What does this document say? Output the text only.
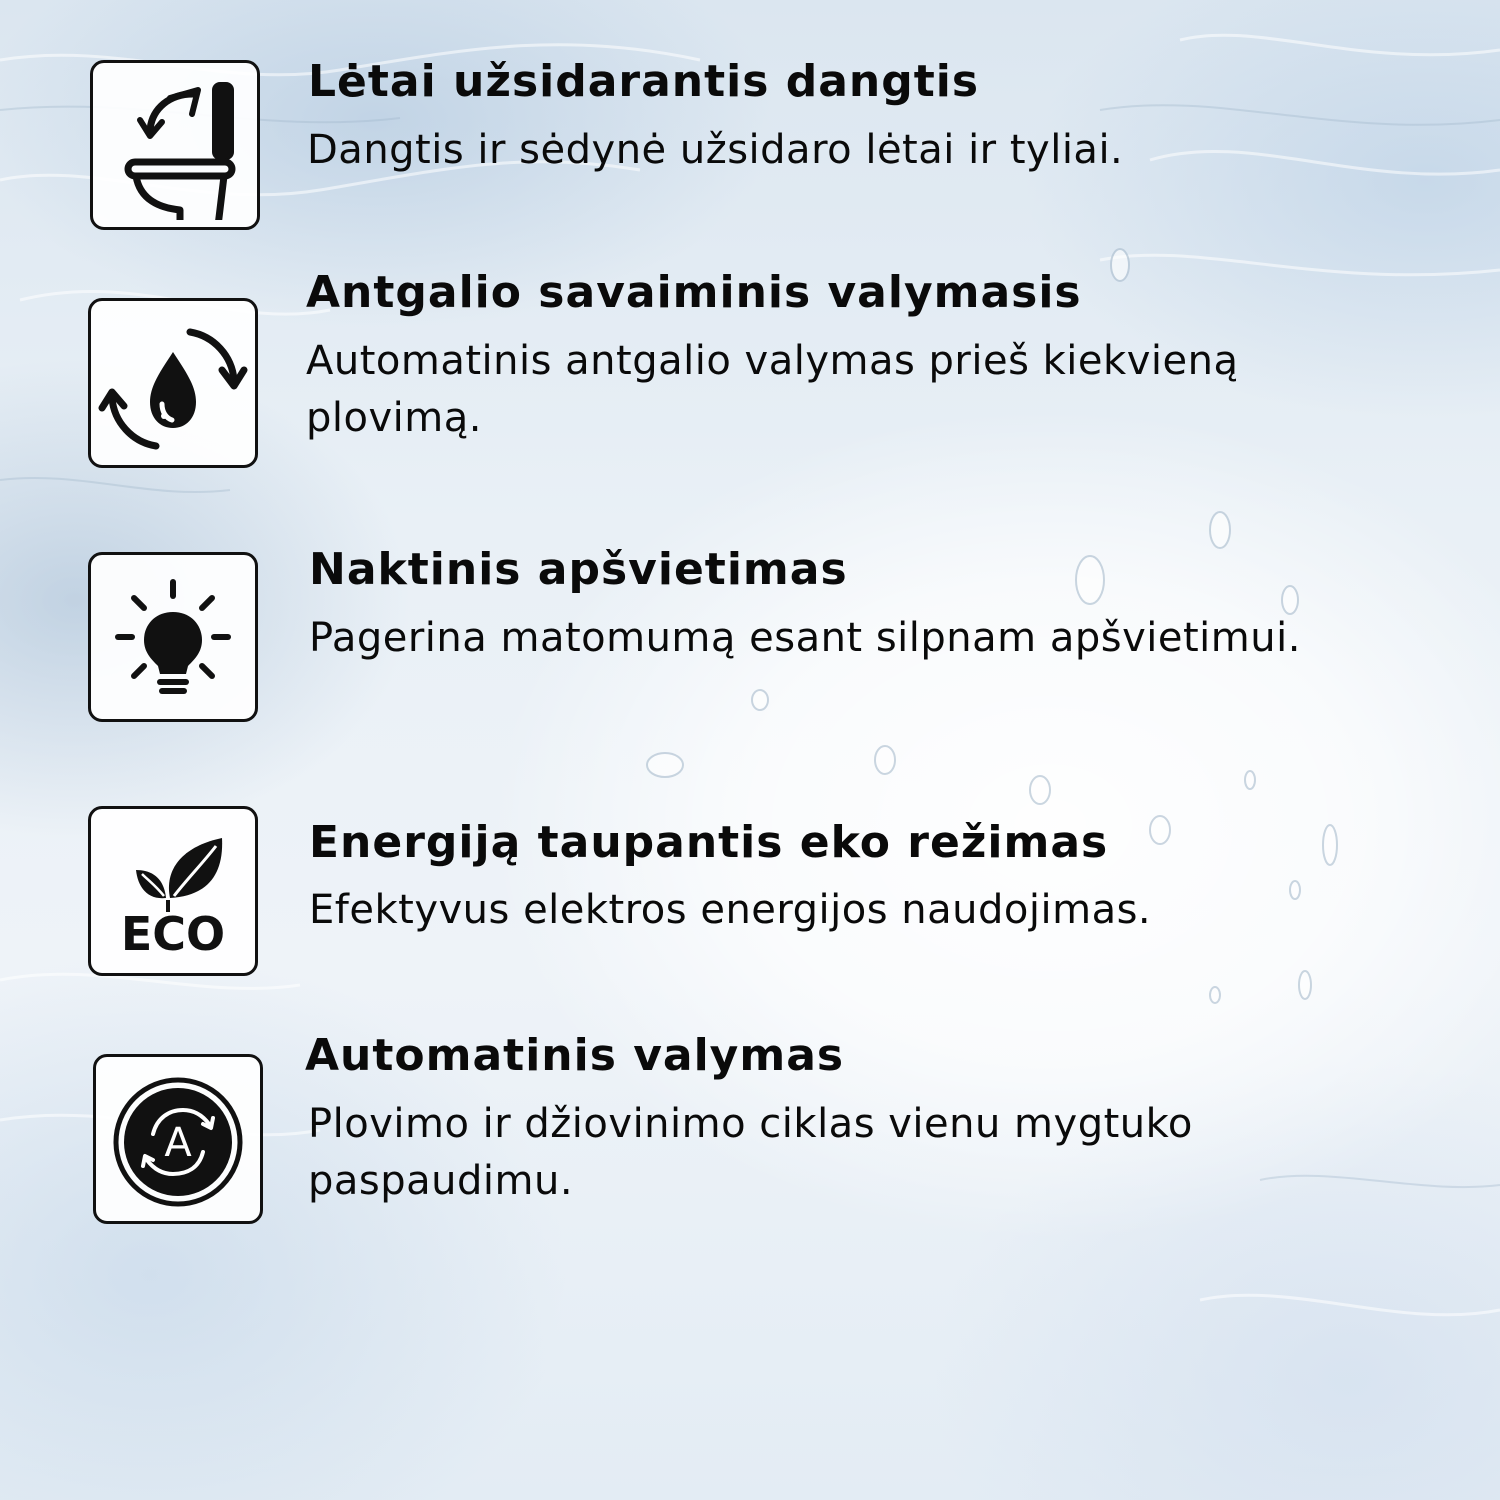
Lėtai užsidarantis dangtis
Dangtis ir sėdynė užsidaro lėtai ir tyliai.
Antgalio savaiminis valymasis
Automatinis antgalio valymas prieš kiekvieną plovimą.
Naktinis apšvietimas
Pagerina matomumą esant silpnam apšvietimui.
ECO
Energiją taupantis eko režimas
Efektyvus elektros energijos naudojimas.
A
Automatinis valymas
Plovimo ir džiovinimo ciklas vienu mygtuko paspaudimu.
